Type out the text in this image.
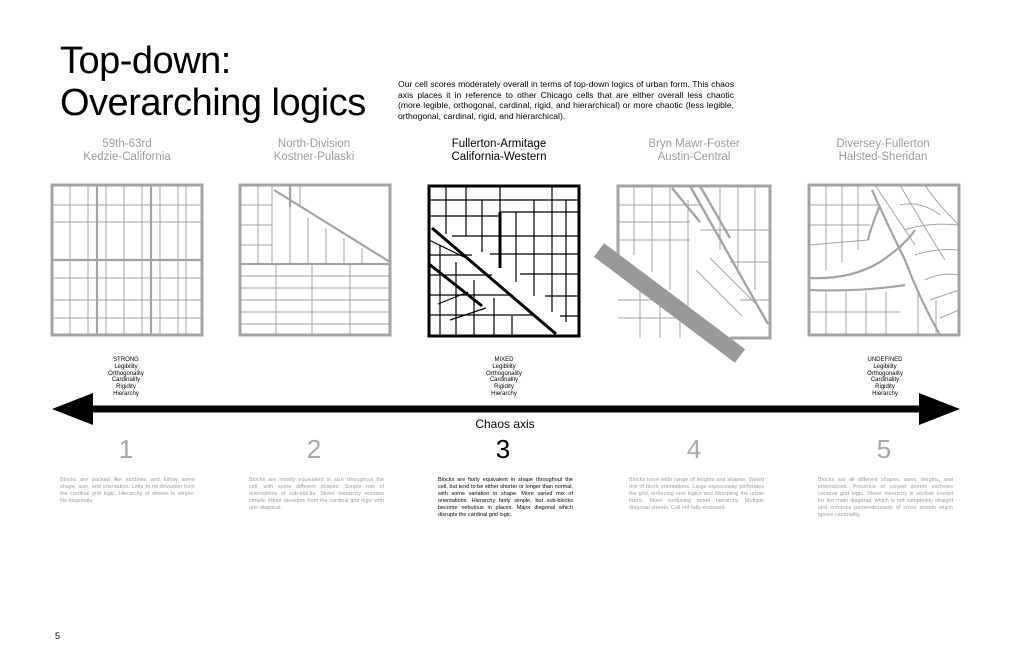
Top-down:
Overarching logics	Our cell scores moderately overall in terms of top-down logics of urban form. This chaos axis places it in reference to other Chicago cells that are either overall less chaotic (more legible, orthogonal, cardinal, rigid, and hierarchical) or more chaotic (less legible, orthogonal, cardinal, rigid, and hierarchical).

59th-63rd
Kedzie-California
North-Division
Kostner-Pulaski
Fullerton-Armitage
California-Western
Bryn Mawr-Foster
Austin-Central
Diversey-Fullerton
Halsted-Sheridan
STRONG
Legibility
Orthogonality
Cardinality
Rigidity
Hierarchy
MIXED
Legibility
Orthogonality
Cardinality
Rigidity
Hierarchy
UNDEFINED
Legibility
Orthogonality
Cardinality
Rigidity
Hierarchy
Chaos axis
1	2	3	4	5

Blocks are packed like sardines and follow same shape, size, and orientation. Little to no deviation from the cardinal grid logic. Hierarchy of streets is simple. No diagonals.

Blocks are mostly equivalent in size throughout the cell, with some different shapes. Simple mix of orientations of sub-blocks. Street hierarchy remains simple. Minor deviation from the cardinal grid logic with one diagonal.

Blocks are fairly equivalent in shape throughout the cell, but tend to be either shorter or longer than normal, with some variation in shape. More varied mix of orientations. Hierarchy fairly simple, but sub-blocks become nebulous in places. Major diagonal which disrupts the cardinal grid logic.

Blocks have wide range of lengths and shapes. Varied mix of block orientations. Large expressway perforates the grid, enforcing new logics and disrupting the urban fabric. More confusing street hierarchy. Multiple diagonal streets. Cell not fully enclosed.

Blocks are all different shapes, sizes, lengths, and orientations. Presence of curved streets eschews cardinal grid logic. Street hierarchy is unclear except for the main diagonal, which is not completely straight and enforces perpendicularity of cross streets which ignore cardinality.

5
